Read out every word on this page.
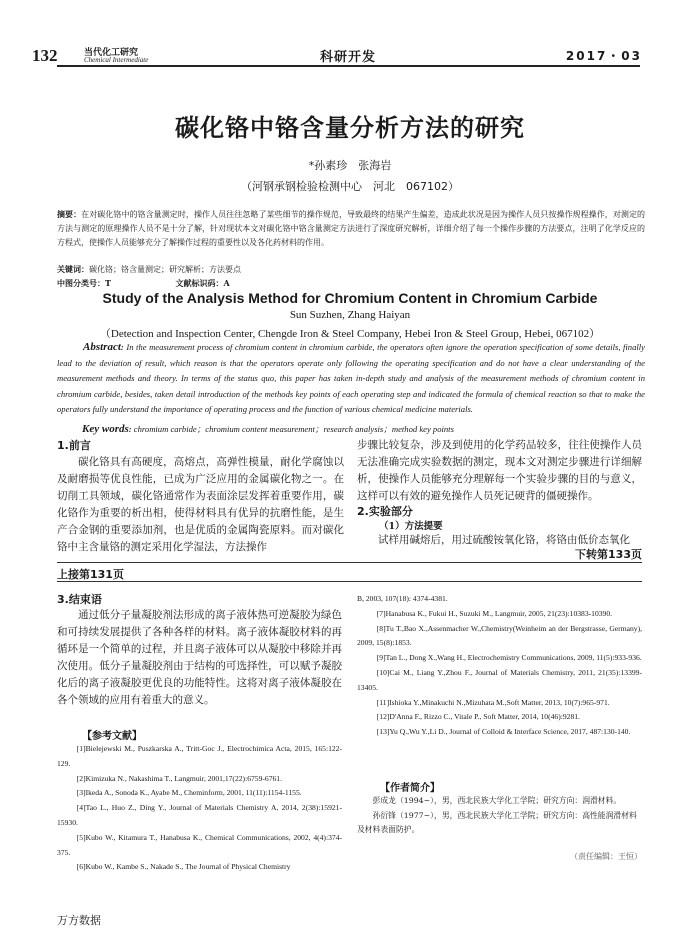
132	当代化工研究
Chemical Intermediate	科研开发	2017・03
碳化铬中铬含量分析方法的研究
*孙素珍　张海岩
（河钢承钢检验检测中心　河北　067102）
摘要：在对碳化铬中的铬含量测定时，操作人员往往忽略了某些细节的操作规范，导致最终的结果产生偏差，造成此状况是因为操作人员只按操作规程操作，对测定的方法与测定的原理操作人员不是十分了解，针对现状本文对碳化铬中铬含量测定方法进行了深度研究解析，详细介绍了每一个操作步骤的方法要点，注明了化学反应的方程式，使操作人员能够充分了解操作过程的重要性以及各化药材料的作用。
关键词：碳化铬；铬含量测定；研究解析；方法要点
中图分类号：T	文献标识码：A
Study of the Analysis Method for Chromium Content in Chromium Carbide
Sun Suzhen, Zhang Haiyan
（Detection and Inspection Center, Chengde Iron & Steel Company, Hebei Iron & Steel Group, Hebei, 067102）
Abstract: In the measurement process of chromium content in chromium carbide, the operators often ignore the operation specification of some details, finally lead to the deviation of result, which reason is that the operators operate only following the operating specification and do not have a clear understanding of the measurement methods and theory. In terms of the status quo, this paper has taken in-depth study and analysis of the measurement methods of chromium content in chromium carbide, besides, taken detail introduction of the methods key points of each operating step and indicated the formula of chemical reaction so that to make the operators fully understand the importance of operating process and the function of various chemical medicine materials.
Key words: chromium carbide；chromium content measurement；research analysis；method key points
1.前言
碳化铬具有高硬度，高熔点，高弹性模量，耐化学腐蚀以及耐磨损等优良性能，已成为广泛应用的金属碳化物之一。在切削工具领域，碳化铬通常作为表面涂层发挥着重要作用，碳化铬作为重要的析出相，使得材料具有优异的抗磨性能，是生产合金钢的重要添加剂，也是优质的金属陶瓷原料。而对碳化铬中主含量铬的测定采用化学湿法，方法操作
步骤比较复杂，涉及到使用的化学药品较多，往往使操作人员无法准确完成实验数据的测定，现本文对测定步骤进行详细解析，使操作人员能够充分理解每一个实验步骤的目的与意义，这样可以有效的避免操作人员死记硬背的僵硬操作。
2.实验部分
（1）方法提要
试样用碱熔后，用过硫酸铵氧化铬，将铬由低价态氧化
下转第133页
上接第131页
3.结束语
通过低分子量凝胶剂法形成的离子液体热可逆凝胶为绿色和可持续发展提供了各种各样的材料。离子液体凝胶材料的再循环是一个简单的过程，并且离子液体可以从凝胶中移除并再次使用。低分子量凝胶剂由于结构的可选择性，可以赋予凝胶化后的离子液凝胶更优良的功能特性。这将对离子液体凝胶在各个领域的应用有着重大的意义。
【参考文献】

[1]Bielejewski M., Puszkarska A., Tritt-Goc J., Electrochimica Acta, 2015, 165:122-129.

[2]Kimizuka N., Nakashima T., Langmuir, 2001,17(22):6759-6761.

[3]Ikeda A., Sonoda K., Ayabe M., Cheminform, 2001, 11(11):1154-1155.

[4]Tao L., Huo Z., Ding Y., Journal of Materials Chemistry A, 2014, 2(38):15921-15930.

[5]Kubo W., Kitamura T., Hanabusa K., Chemical Communications, 2002, 4(4):374-375.

[6]Kubo W., Kambe S., Nakade S., The Journal of Physical Chemistry

B, 2003, 107(18): 4374-4381.

[7]Hanabusa K., Fukui H., Suzuki M., Langmuir, 2005, 21(23):10383-10390.

[8]Tu T.,Bao X.,Assenmacher W.,Chemistry(Weinheim an der Bergstrasse, Germany), 2009, 15(8):1853.

[9]Tan L., Dong X.,Wang H., Electrochemistry Communications, 2009, 11(5):933-936.

[10]Cai M., Liang Y.,Zhou F., Journal of Materials Chemistry, 2011, 21(35):13399-13405.

[11]Ishioka Y.,Minakuchi N.,Mizuhata M.,Soft Matter, 2013, 10(7):965-971.

[12]D'Anna F., Rizzo C., Vitale P., Soft Matter, 2014, 10(46):9281.

[13]Yu Q.,Wu Y.,Li D., Journal of Colloid & Interface Science, 2017, 487:130-140.

【作者简介】
彭成龙（1994~），男，西北民族大学化工学院；研究方向：润滑材料。
孙衍锋（1977~），男，西北民族大学化工学院；研究方向：高性能润滑材料及材料表面防护。
（责任编辑：王恒）
万方数据
